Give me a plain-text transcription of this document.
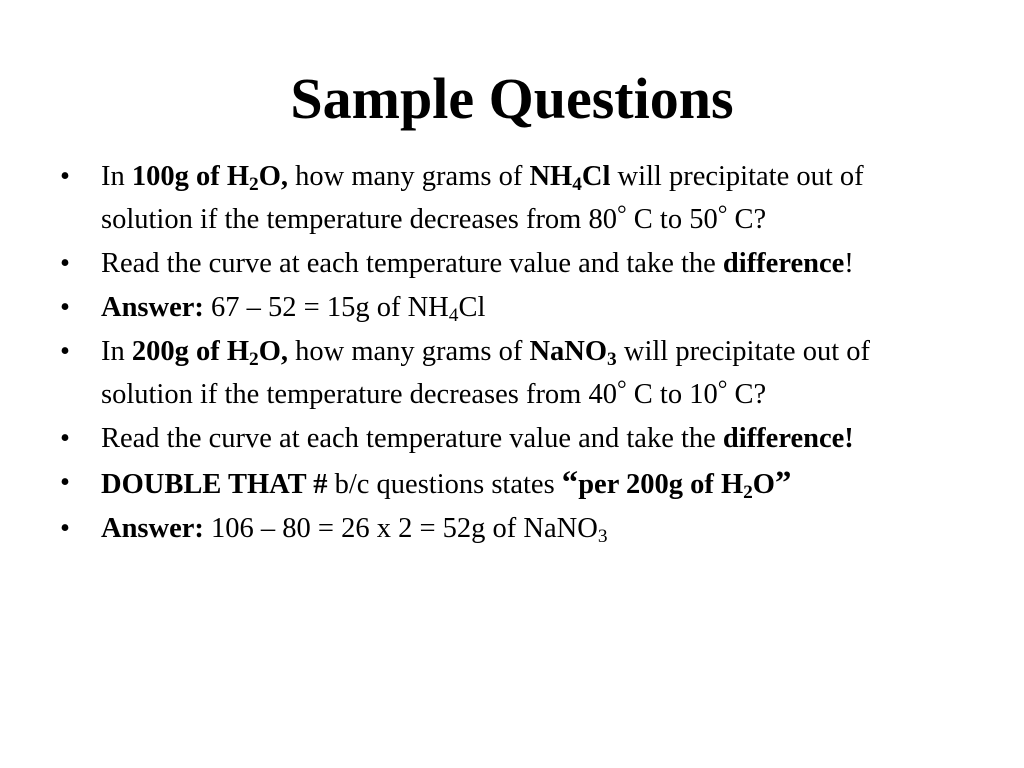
Sample Questions
• In 100g of $H_2O$, how many grams of $NH_4Cl$ will precipitate out of solution if the temperature decreases from 80° C to 50° C?
• Read the curve at each temperature value and take the difference!
• Answer: 67 – 52 = 15g of $NH_4Cl$
• In 200g of $H_2O$, how many grams of NaNO$_3$ will precipitate out of solution if the temperature decreases from 40° C to 10° C?
• Read the curve at each temperature value and take the difference!
• DOUBLE THAT # b/c questions states “per 200g of $H_2O$”
• Answer: 106 – 80 = 26 x 2 = 52g of NaNO$_3$
